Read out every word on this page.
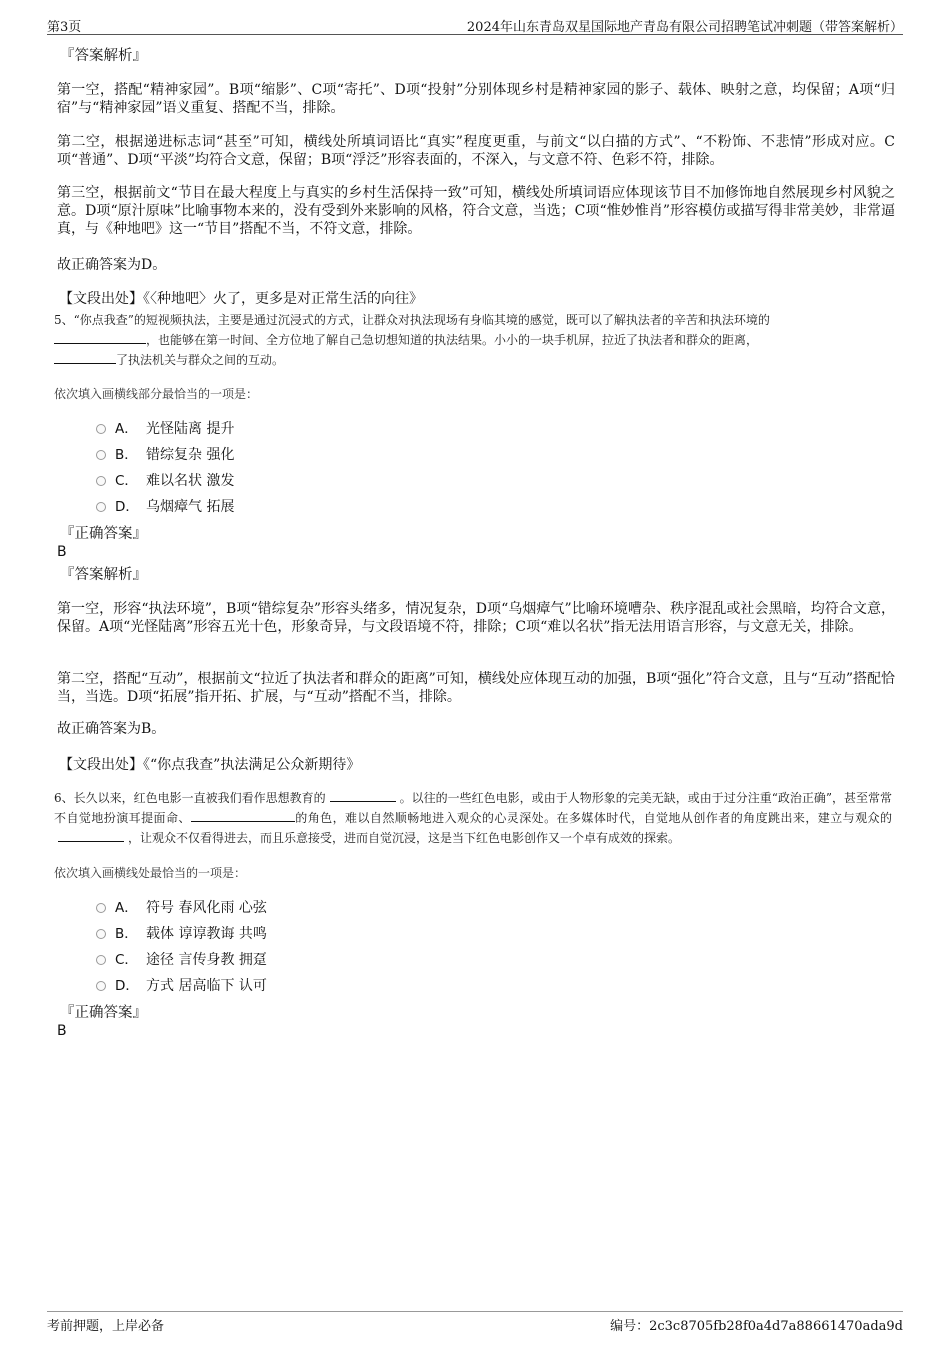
第3页	2024年山东青岛双星国际地产青岛有限公司招聘笔试冲刺题（带答案解析）
『答案解析』

第一空，搭配“精神家园”。B项“缩影”、C项“寄托”、D项“投射”分别体现乡村是精神家园的影子、载体、映射之意，均保留；A项“归宿”与“精神家园”语义重复、搭配不当，排除。

第二空，根据递进标志词“甚至”可知，横线处所填词语比“真实”程度更重，与前文“以白描的方式”、“不粉饰、不悲情”形成对应。C项“普通”、D项“平淡”均符合文意，保留；B项“浮泛”形容表面的，不深入，与文意不符、色彩不符，排除。

第三空，根据前文“节目在最大程度上与真实的乡村生活保持一致”可知，横线处所填词语应体现该节目不加修饰地自然展现乡村风貌之意。D项“原汁原味”比喻事物本来的，没有受到外来影响的风格，符合文意，当选；C项“惟妙惟肖”形容模仿或描写得非常美妙，非常逼真，与《种地吧》这一“节目”搭配不当，不符文意，排除。

故正确答案为D。

【文段出处】《〈种地吧〉火了，更多是对正常生活的向往》
5、“你点我查”的短视频执法，主要是通过沉浸式的方式，让群众对执法现场有身临其境的感觉，既可以了解执法者的辛苦和执法环境的
，也能够在第一时间、全方位地了解自己急切想知道的执法结果。小小的一块手机屏，拉近了执法者和群众的距离，
了执法机关与群众之间的互动。

依次填入画横线部分最恰当的一项是：

A． 光怪陆离 提升
B． 错综复杂 强化
C． 难以名状 激发
D． 乌烟瘴气 拓展
『正确答案』
B
『答案解析』

第一空，形容“执法环境”，B项“错综复杂”形容头绪多，情况复杂，D项“乌烟瘴气”比喻环境嘈杂、秩序混乱或社会黑暗，均符合文意，保留。A项“光怪陆离”形容五光十色，形象奇异，与文段语境不符，排除；C项“难以名状”指无法用语言形容，与文意无关，排除。

第二空，搭配“互动”，根据前文“拉近了执法者和群众的距离”可知，横线处应体现互动的加强，B项“强化”符合文意，且与“互动”搭配恰当，当选。D项“拓展”指开拓、扩展，与“互动”搭配不当，排除。

故正确答案为B。

【文段出处】《“你点我查”执法满足公众新期待》
6、长久以来，红色电影一直被我们看作思想教育的	。以往的一些红色电影，或由于人物形象的完美无缺，或由于过分注重“政治正确”，甚至常常不自觉地扮演耳提面命、	的角色，难以自然顺畅地进入观众的心灵深处。在多媒体时代，自觉地从创作者的角度跳出来，建立与观众的，让观众不仅看得进去，而且乐意接受，进而自觉沉浸，这是当下红色电影创作又一个卓有成效的探索。

依次填入画横线处最恰当的一项是：

A． 符号 春风化雨 心弦
B． 载体 谆谆教诲 共鸣
C． 途径 言传身教 拥趸
D． 方式 居高临下 认可
『正确答案』
B
考前押题，上岸必备	编号：2c3c8705fb28f0a4d7a88661470ada9d
